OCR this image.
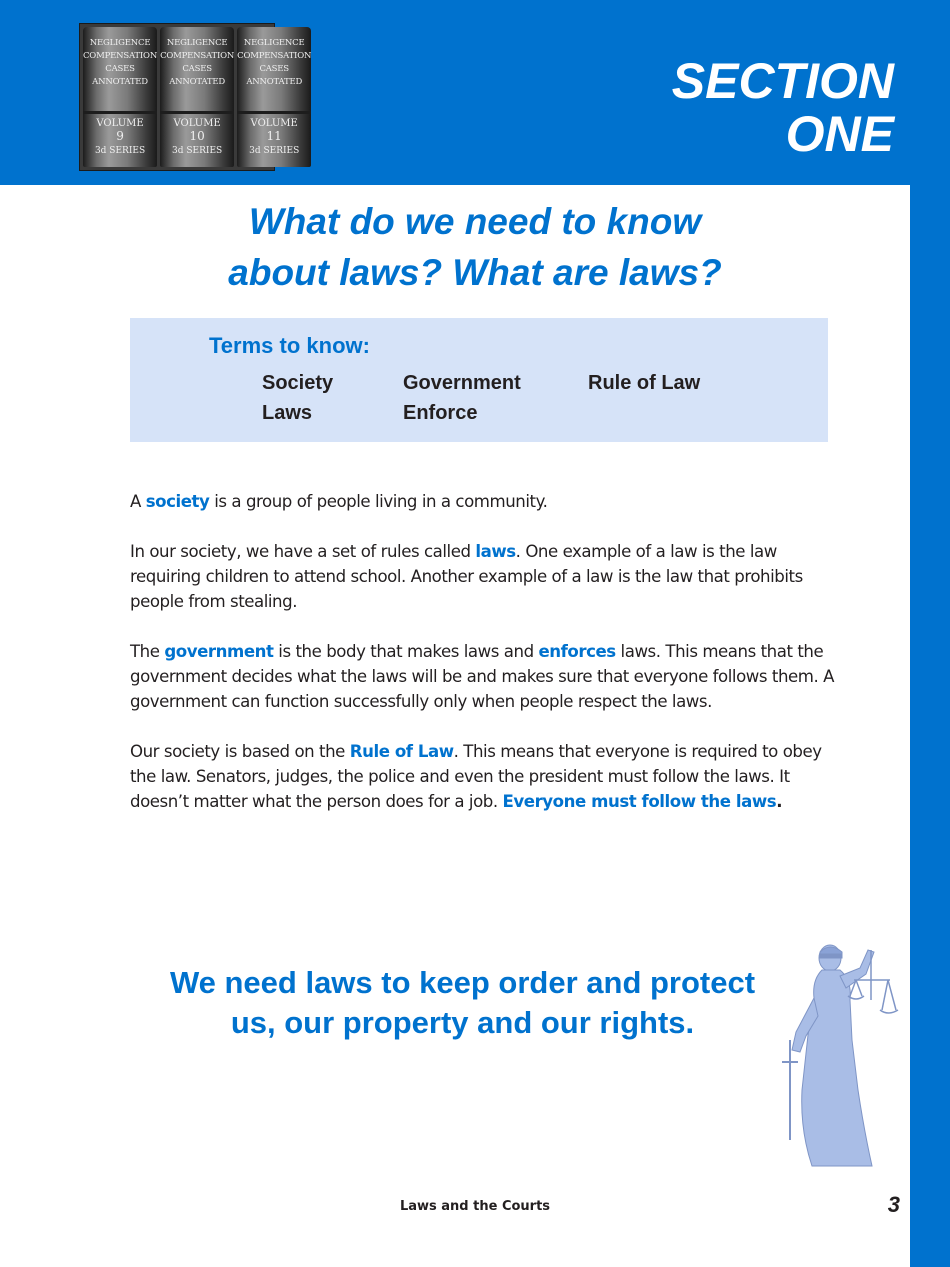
NEGLIGENCE
COMPENSATION
CASES
ANNOTATED
VOLUME
9
3d SERIES
NEGLIGENCE
COMPENSATION
CASES
ANNOTATED
VOLUME
10
3d SERIES
NEGLIGENCE
COMPENSATION
CASES
ANNOTATED
VOLUME
11
3d SERIES
SECTION
ONE
What do we need to know
about laws? What are laws?
Terms to know:
Society	Government	Rule of Law
Laws	Enforce

A society is a group of people living in a community.

In our society, we have a set of rules called laws. One example of a law is the law requiring children to attend school. Another example of a law is the law that prohibits people from stealing.

The government is the body that makes laws and enforces laws. This means that the government decides what the laws will be and makes sure that everyone follows them. A government can function successfully only when people respect the laws.

Our society is based on the Rule of Law. This means that everyone is required to obey the law. Senators, judges, the police and even the president must follow the laws. It doesn’t matter what the person does for a job. Everyone must follow the laws.

We need laws to keep order and protect
us, our property and our rights.
Laws and the Courts	3
